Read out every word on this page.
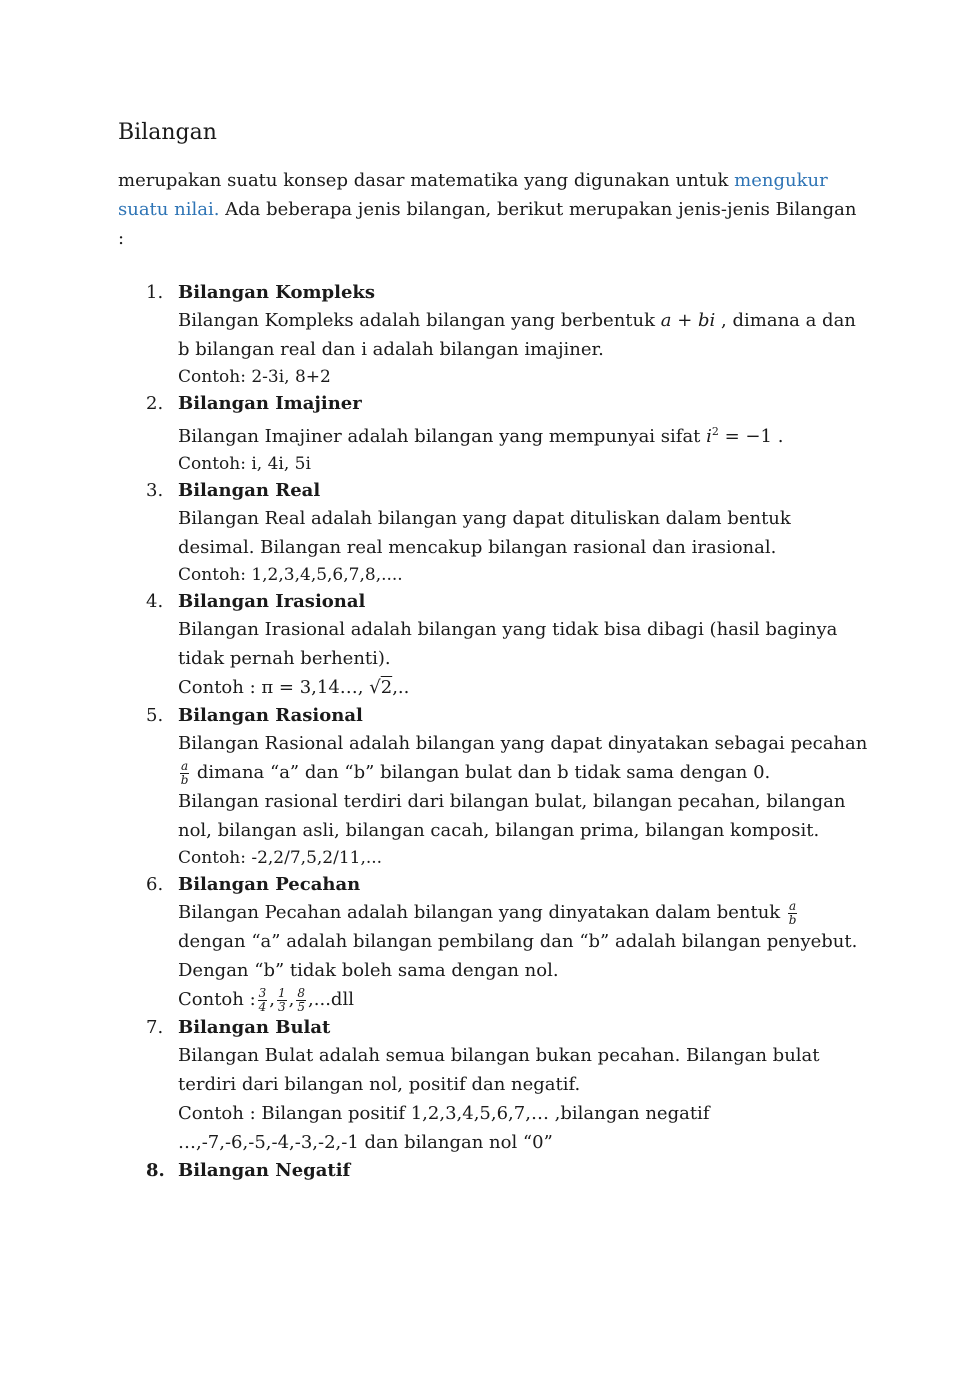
Bilangan

merupakan suatu konsep dasar matematika yang digunakan untuk mengukur suatu nilai. Ada beberapa jenis bilangan, berikut merupakan jenis-jenis Bilangan :

1. Bilangan Kompleks

Bilangan Kompleks adalah bilangan yang berbentuk a + bi , dimana a dan b bilangan real dan i adalah bilangan imajiner.

Contoh: 2-3i, 8+2

2. Bilangan Imajiner

Bilangan Imajiner adalah bilangan yang mempunyai sifat $i^2 = -1$ .

Contoh: i, 4i, 5i

3. Bilangan Real

Bilangan Real adalah bilangan yang dapat dituliskan dalam bentuk desimal. Bilangan real mencakup bilangan rasional dan irasional.

Contoh: 1,2,3,4,5,6,7,8,....

4. Bilangan Irasional

Bilangan Irasional adalah bilangan yang tidak bisa dibagi (hasil baginya tidak pernah berhenti).

Contoh : π = 3,14…, √2,..

5. Bilangan Rasional

Bilangan Rasional adalah bilangan yang dapat dinyatakan sebagai pecahan

$\frac{a}{b}$ dimana “a” dan “b” bilangan bulat dan b tidak sama dengan 0.

Bilangan rasional terdiri dari bilangan bulat, bilangan pecahan, bilangan nol, bilangan asli, bilangan cacah, bilangan prima, bilangan komposit.

Contoh: -2,2/7,5,2/11,...

6. Bilangan Pecahan

Bilangan Pecahan adalah bilangan yang dinyatakan dalam bentuk $\frac{a}{b}$
dengan “a” adalah bilangan pembilang dan “b” adalah bilangan penyebut. Dengan “b” tidak boleh sama dengan nol.

Contoh : $\frac{3}{4}$ , $\frac{1}{3}$ , $\frac{8}{5} ,...dll$

7. Bilangan Bulat

Bilangan Bulat adalah semua bilangan bukan pecahan. Bilangan bulat terdiri dari bilangan nol, positif dan negatif.

Contoh : Bilangan positif 1,2,3,4,5,6,7,… ,bilangan negatif …,-7,-6,-5,-4,-3,-2,-1 dan bilangan nol “0”

8. Bilangan Negatif
